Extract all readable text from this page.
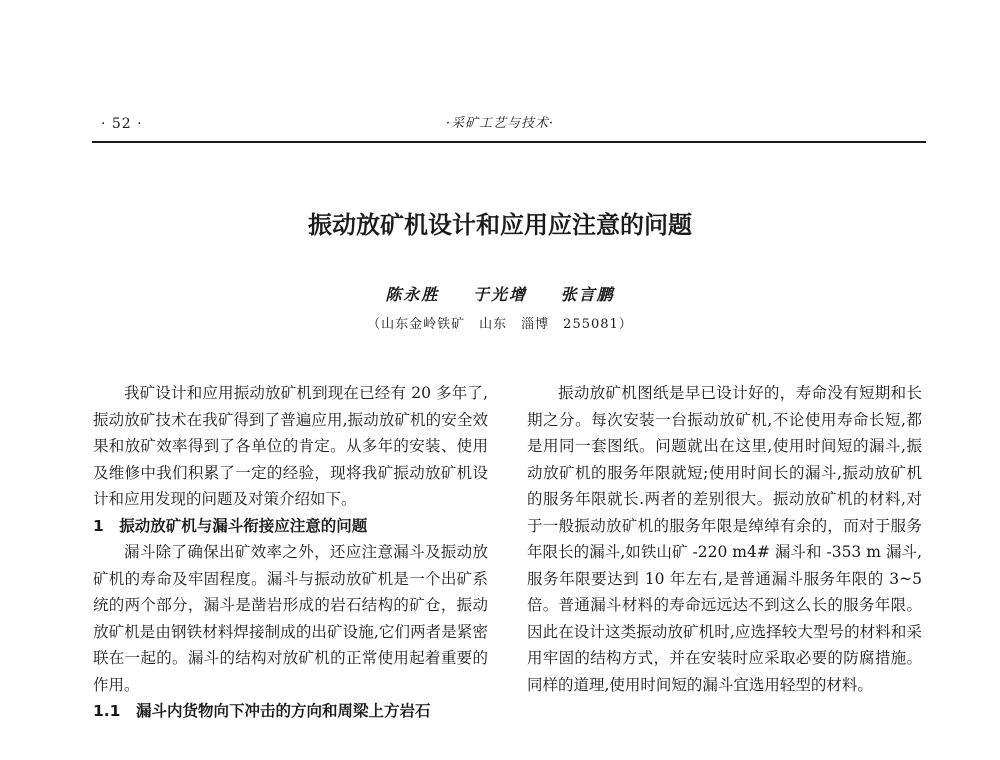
· 52 ·	·采矿工艺与技术·
振动放矿机设计和应用应注意的问题
陈永胜 于光增 张言鹏
（山东金岭铁矿　山东　淄博　255081）

我矿设计和应用振动放矿机到现在已经有 20 多年了,振动放矿技术在我矿得到了普遍应用,振动放矿机的安全效果和放矿效率得到了各单位的肯定。从多年的安装、使用及维修中我们积累了一定的经验，现将我矿振动放矿机设计和应用发现的问题及对策介绍如下。

1　振动放矿机与漏斗衔接应注意的问题

漏斗除了确保出矿效率之外，还应注意漏斗及振动放矿机的寿命及牢固程度。漏斗与振动放矿机是一个出矿系统的两个部分，漏斗是凿岩形成的岩石结构的矿仓，振动放矿机是由钢铁材料焊接制成的出矿设施,它们两者是紧密联在一起的。漏斗的结构对放矿机的正常使用起着重要的作用。

1.1　漏斗内货物向下冲击的方向和周梁上方岩石

振动放矿机图纸是早已设计好的，寿命没有短期和长期之分。每次安装一台振动放矿机,不论使用寿命长短,都是用同一套图纸。问题就出在这里,使用时间短的漏斗,振动放矿机的服务年限就短;使用时间长的漏斗,振动放矿机的服务年限就长.两者的差别很大。振动放矿机的材料,对于一般振动放矿机的服务年限是绰绰有余的，而对于服务年限长的漏斗,如铁山矿 -220 m4# 漏斗和 -353 m 漏斗,服务年限要达到 10 年左右,是普通漏斗服务年限的 3~5 倍。普通漏斗材料的寿命远远达不到这么长的服务年限。因此在设计这类振动放矿机时,应选择较大型号的材料和采用牢固的结构方式，并在安装时应采取必要的防腐措施。同样的道理,使用时间短的漏斗宜选用轻型的材料。
